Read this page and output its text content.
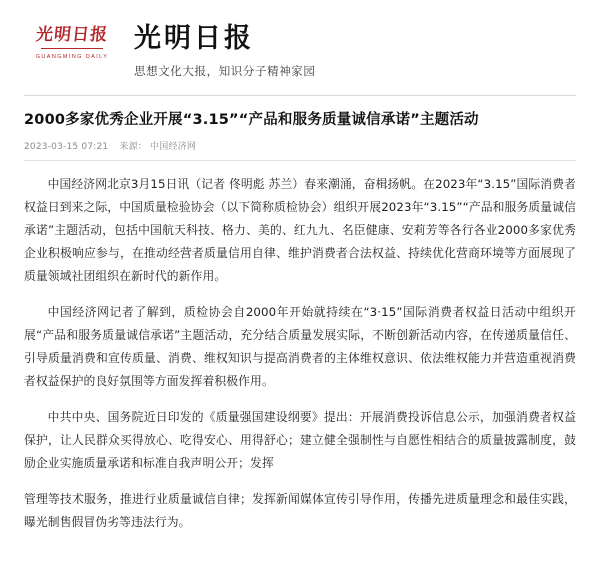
光明日报
GUANGMING DAILY
光明日报
思想文化大报，知识分子精神家园
2000多家优秀企业开展“3.15”“产品和服务质量诚信承诺”主题活动
2023-03-15 07:21 来源： 中国经济网

中国经济网北京3月15日讯（记者 佟明彪 苏兰）春来潮涌，奋楫扬帆。在2023年“3.15”国际消费者权益日到来之际，中国质量检验协会（以下简称质检协会）组织开展2023年“3.15”“产品和服务质量诚信承诺”主题活动，包括中国航天科技、格力、美的、红九九、名臣健康、安莉芳等各行各业2000多家优秀企业积极响应参与，在推动经营者质量信用自律、维护消费者合法权益、持续优化营商环境等方面展现了质量领域社团组织在新时代的新作用。

中国经济网记者了解到，质检协会自2000年开始就持续在“3·15”国际消费者权益日活动中组织开展“产品和服务质量诚信承诺”主题活动，充分结合质量发展实际，不断创新活动内容，在传递质量信任、引导质量消费和宣传质量、消费、维权知识与提高消费者的主体维权意识、依法维权能力并营造重视消费者权益保护的良好氛围等方面发挥着积极作用。

中共中央、国务院近日印发的《质量强国建设纲要》提出：开展消费投诉信息公示，加强消费者权益保护，让人民群众买得放心、吃得安心、用得舒心；建立健全强制性与自愿性相结合的质量披露制度，鼓励企业实施质量承诺和标准自我声明公开；发挥

管理等技术服务，推进行业质量诚信自律；发挥新闻媒体宣传引导作用，传播先进质量理念和最佳实践，曝光制售假冒伪劣等违法行为。
